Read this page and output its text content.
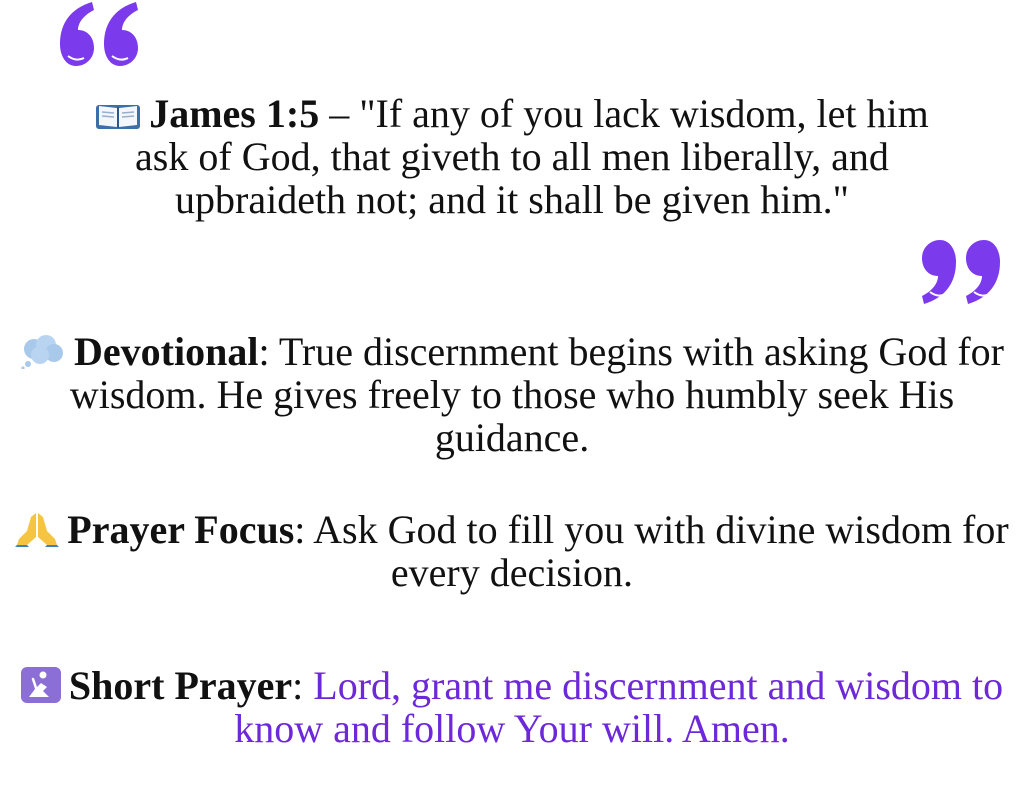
James 1:5 – "If any of you lack wisdom, let him ask of God, that giveth to all men liberally, and upbraideth not; and it shall be given him."
Devotional: True discernment begins with asking God for wisdom. He gives freely to those who humbly seek His guidance.
Prayer Focus: Ask God to fill you with divine wisdom for every decision.
Short Prayer: Lord, grant me discernment and wisdom to know and follow Your will. Amen.
